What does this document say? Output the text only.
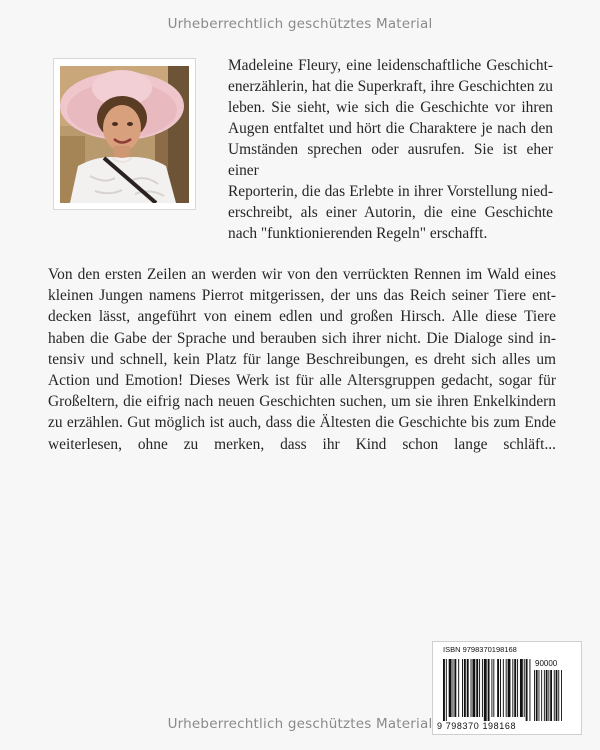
Urheberrechtlich geschütztes Material
Madeleine Fleury, eine leidenschaftliche Geschicht-
enerzählerin, hat die Superkraft, ihre Geschichten zu
leben. Sie sieht, wie sich die Geschichte vor ihren
Augen entfaltet und hört die Charaktere je nach den
Umständen sprechen oder ausrufen. Sie ist eher einer
Reporterin, die das Erlebte in ihrer Vorstellung nied-
erschreibt, als einer Autorin, die eine Geschichte
nach "funktionierenden Regeln" erschafft.
Von den ersten Zeilen an werden wir von den verrückten Rennen im Wald eines
kleinen Jungen namens Pierrot mitgerissen, der uns das Reich seiner Tiere ent-
decken lässt, angeführt von einem edlen und großen Hirsch. Alle diese Tiere
haben die Gabe der Sprache und berauben sich ihrer nicht. Die Dialoge sind in-
tensiv und schnell, kein Platz für lange Beschreibungen, es dreht sich alles um
Action und Emotion! Dieses Werk ist für alle Altersgruppen gedacht, sogar für
Großeltern, die eifrig nach neuen Geschichten suchen, um sie ihren Enkelkindern
zu erzählen. Gut möglich ist auch, dass die Ältesten die Geschichte bis zum Ende
weiterlesen, ohne zu merken, dass ihr Kind schon lange schläft...
ISBN 9798370198168
90000
9 798370 198168
Urheberrechtlich geschütztes Material
